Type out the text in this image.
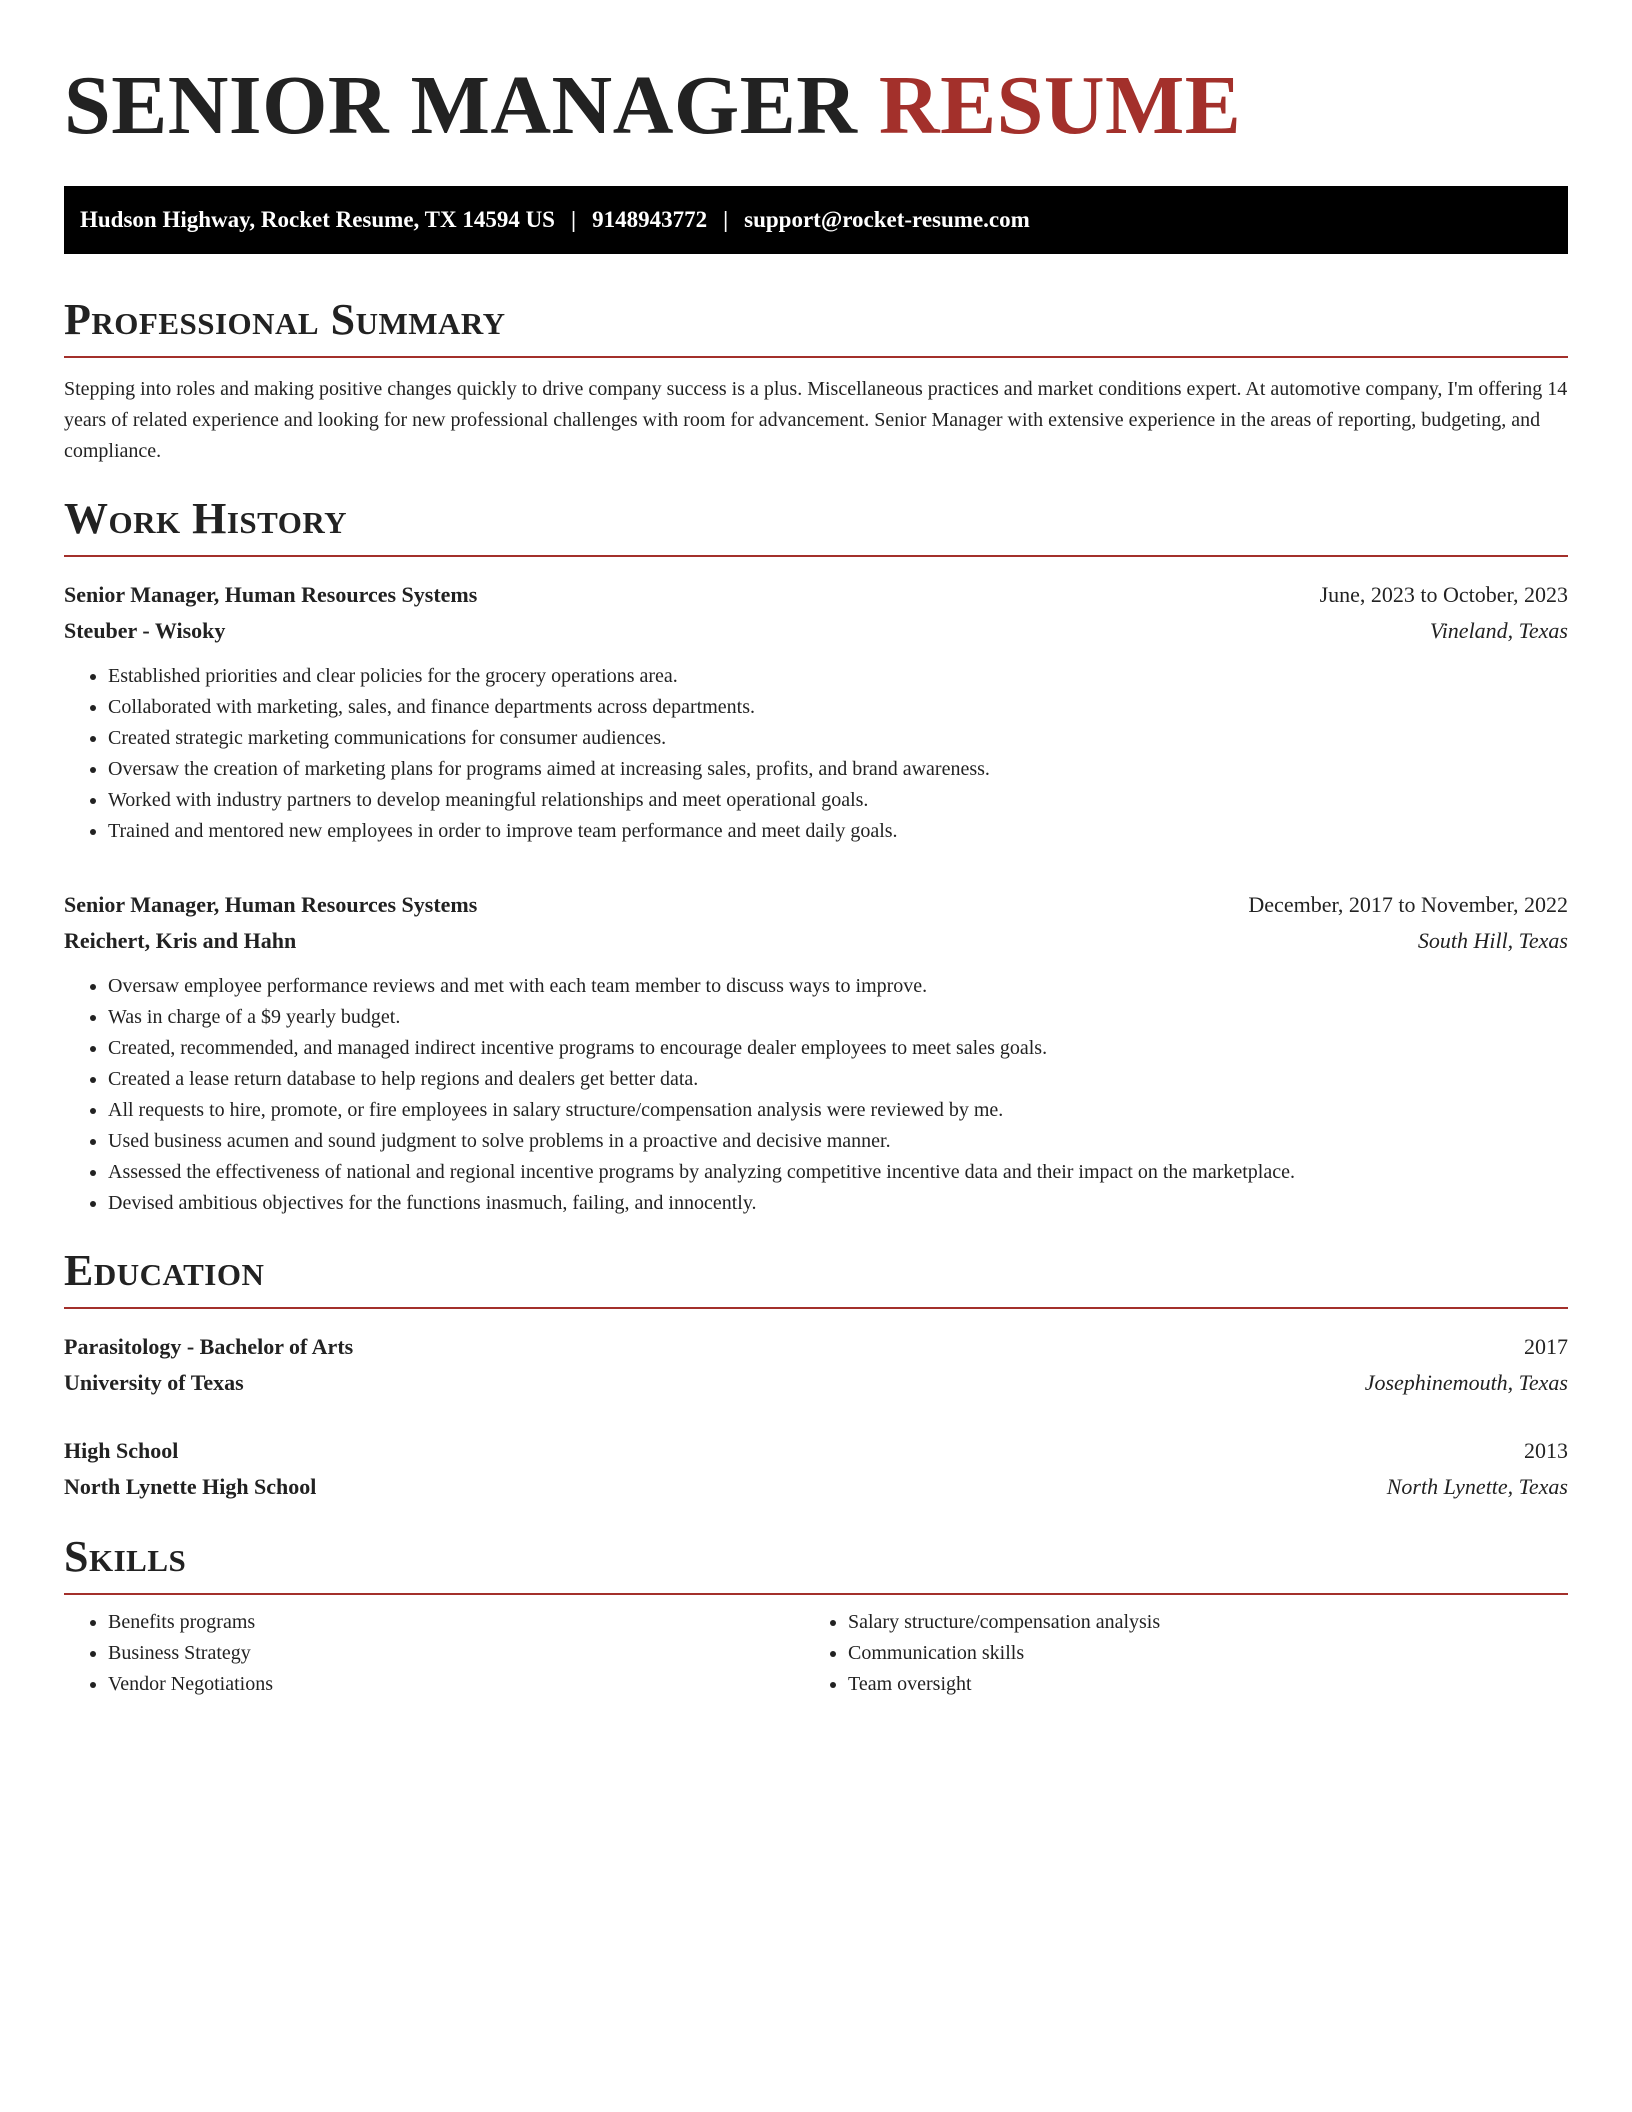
SENIOR MANAGER RESUME
Hudson Highway, Rocket Resume, TX 14594 US | 9148943772 | support@rocket-resume.com
Professional Summary

Stepping into roles and making positive changes quickly to drive company success is a plus. Miscellaneous practices and market conditions expert. At automotive company, I'm offering 14 years of related experience and looking for new professional challenges with room for advancement. Senior Manager with extensive experience in the areas of reporting, budgeting, and compliance.

Work History
Senior Manager, Human Resources Systems	June, 2023 to October, 2023
Steuber - Wisoky	Vineland, Texas
• Established priorities and clear policies for the grocery operations area.
• Collaborated with marketing, sales, and finance departments across departments.
• Created strategic marketing communications for consumer audiences.
• Oversaw the creation of marketing plans for programs aimed at increasing sales, profits, and brand awareness.
• Worked with industry partners to develop meaningful relationships and meet operational goals.
• Trained and mentored new employees in order to improve team performance and meet daily goals.
Senior Manager, Human Resources Systems	December, 2017 to November, 2022
Reichert, Kris and Hahn	South Hill, Texas
• Oversaw employee performance reviews and met with each team member to discuss ways to improve.
• Was in charge of a $9 yearly budget.
• Created, recommended, and managed indirect incentive programs to encourage dealer employees to meet sales goals.
• Created a lease return database to help regions and dealers get better data.
• All requests to hire, promote, or fire employees in salary structure/compensation analysis were reviewed by me.
• Used business acumen and sound judgment to solve problems in a proactive and decisive manner.
• Assessed the effectiveness of national and regional incentive programs by analyzing competitive incentive data and their impact on the marketplace.
• Devised ambitious objectives for the functions inasmuch, failing, and innocently.
Education
Parasitology - Bachelor of Arts	2017
University of Texas	Josephinemouth, Texas
High School	2013
North Lynette High School	North Lynette, Texas
Skills
• Benefits programs
• Business Strategy
• Vendor Negotiations
• Salary structure/compensation analysis
• Communication skills
• Team oversight
